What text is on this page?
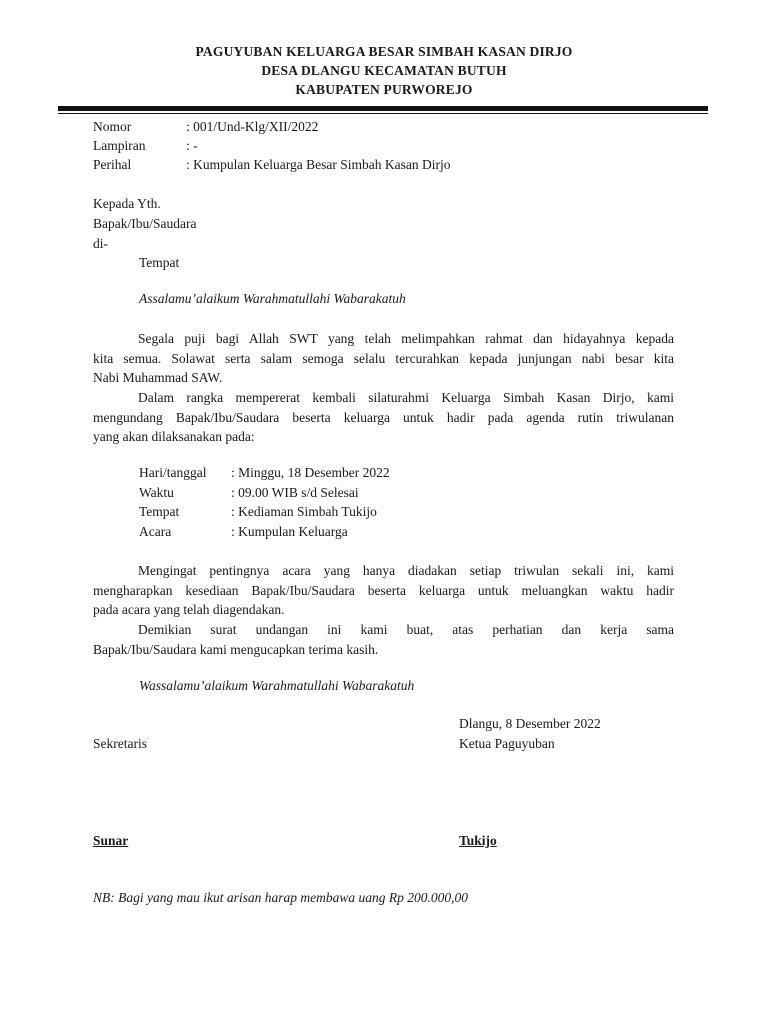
PAGUYUBAN KELUARGA BESAR SIMBAH KASAN DIRJO
DESA DLANGU KECAMATAN BUTUH
KABUPATEN PURWOREJO
Nomor	: 001/Und-Klg/XII/2022
Lampiran	: -
Perihal	: Kumpulan Keluarga Besar Simbah Kasan Dirjo
Kepada Yth.
Bapak/Ibu/Saudara
di-
Tempat
Assalamu’alaikum Warahmatullahi Wabarakatuh
Segala puji bagi Allah SWT yang telah melimpahkan rahmat dan hidayahnya kepada
kita semua. Solawat serta salam semoga selalu tercurahkan kepada junjungan nabi besar kita
Nabi Muhammad SAW.
Dalam rangka mempererat kembali silaturahmi Keluarga Simbah Kasan Dirjo, kami
mengundang Bapak/Ibu/Saudara beserta keluarga untuk hadir pada agenda rutin triwulanan
yang akan dilaksanakan pada:
Hari/tanggal : Minggu, 18 Desember 2022
Waktu	: 09.00 WIB s/d Selesai
Tempat	: Kediaman Simbah Tukijo
Acara	: Kumpulan Keluarga
Mengingat pentingnya acara yang hanya diadakan setiap triwulan sekali ini, kami
mengharapkan kesediaan Bapak/Ibu/Saudara beserta keluarga untuk meluangkan waktu hadir
pada acara yang telah diagendakan.
Demikian surat undangan ini kami buat, atas perhatian dan kerja sama
Bapak/Ibu/Saudara kami mengucapkan terima kasih.
Wassalamu’alaikum Warahmatullahi Wabarakatuh
Dlangu, 8 Desember 2022
Sekretaris	Ketua Paguyuban
Sunar	Tukijo
NB: Bagi yang mau ikut arisan harap membawa uang Rp 200.000,00
